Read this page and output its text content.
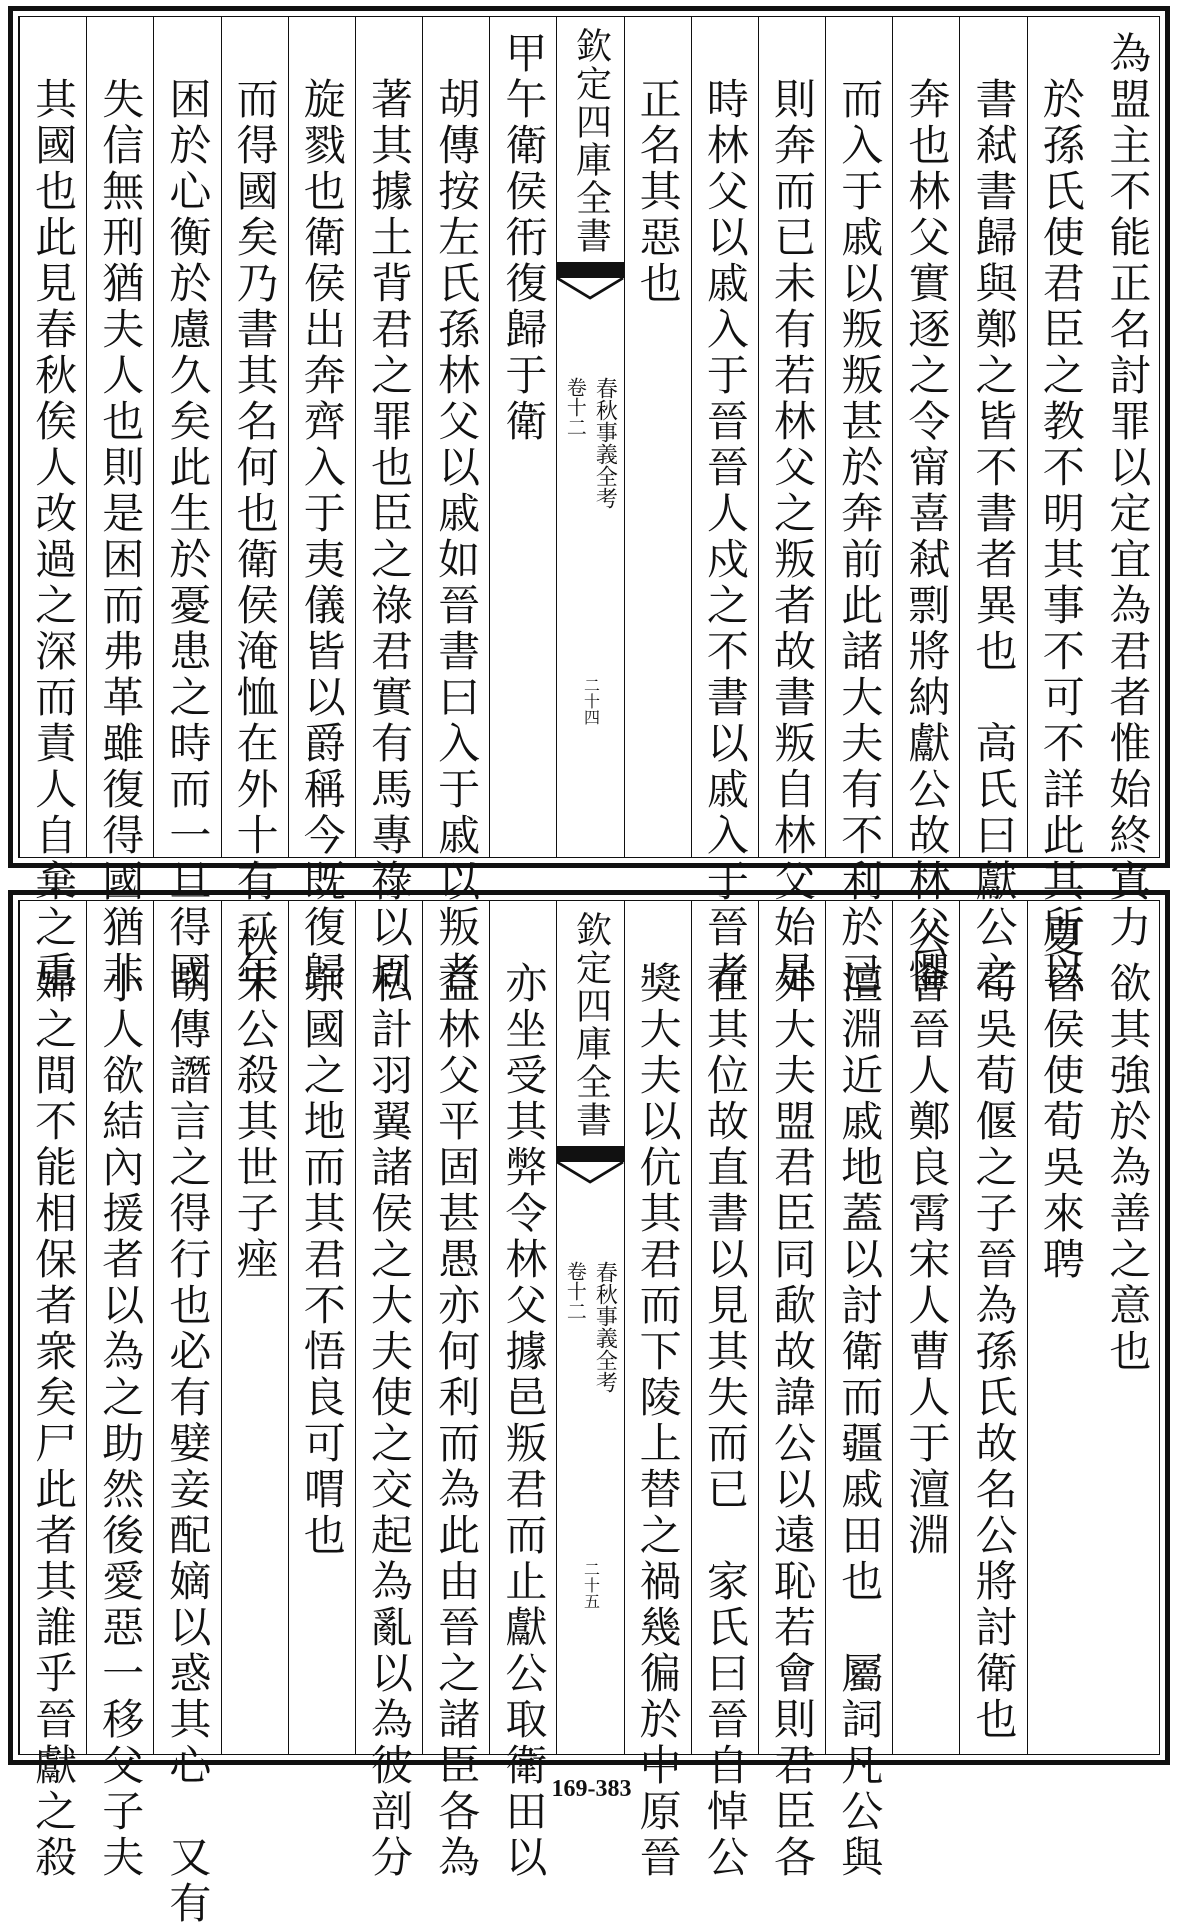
為盟主不能正名討罪以定宜為君者惟始終寘力
於孫氏使君臣之教不明其事不可不詳此其所以
書弒書歸與鄭之皆不書者異也　高氏曰獻公之
奔也林父實逐之令甯喜弒剽將納獻公故林父懼
而入于戚以叛叛甚於奔前此諸大夫有不利於已
則奔而已未有若林父之叛者故書叛自林父始是
時林父以戚入于晉晉人戍之不書以戚入于晉者
正名其惡也
欽定四庫全書
春秋事義全考
卷十二
二十四
甲午衛侯衎復歸于衛
胡傳按左氏孫林父以戚如晉書曰入于戚以叛者
著其據土背君之罪也臣之祿君實有馬專祿以周
旋戮也衛侯出奔齊入于夷儀皆以爵稱今既復歸
而得國矣乃書其名何也衛侯淹恤在外十有二年
困於心衡於慮久矣此生於憂患之時而一旦得國
失信無刑猶夫人也則是困而弗革雖復得國猶非
其國也此見春秋俟人改過之深而責人自棄之重
欲其強於為善之意也
夏晉侯使荀吳來聘
荀吳荀偃之子晉為孫氏故名公將討衛也
公會晉人鄭良霄宋人曹人于澶淵
澶淵近戚地蓋以討衛而疆戚田也　屬詞凡公與
外大夫盟君臣同歃故諱公以遠恥若會則君臣各
在其位故直書以見其失而已　家氏曰晉自悼公
獎大夫以伉其君而下陵上替之禍幾徧於中原晉
欽定四庫全書
春秋事義全考
卷十二
二十五
亦坐受其弊令林父據邑叛君而止獻公取衛田以
益林父平固甚愚亦何利而為此由晉之諸臣各為
私計羽翼諸侯之大夫使之交起為亂以為彼剖分
宗國之地而其君不悟良可喟也
秋宋公殺其世子痤
胡傳譖言之得行也必有嬖妾配嫡以惑其心　又有
小人欲結內援者以為之助然後愛惡一移父子夫
婦之間不能相保者衆矣尸此者其誰乎晉獻之殺	169-383
